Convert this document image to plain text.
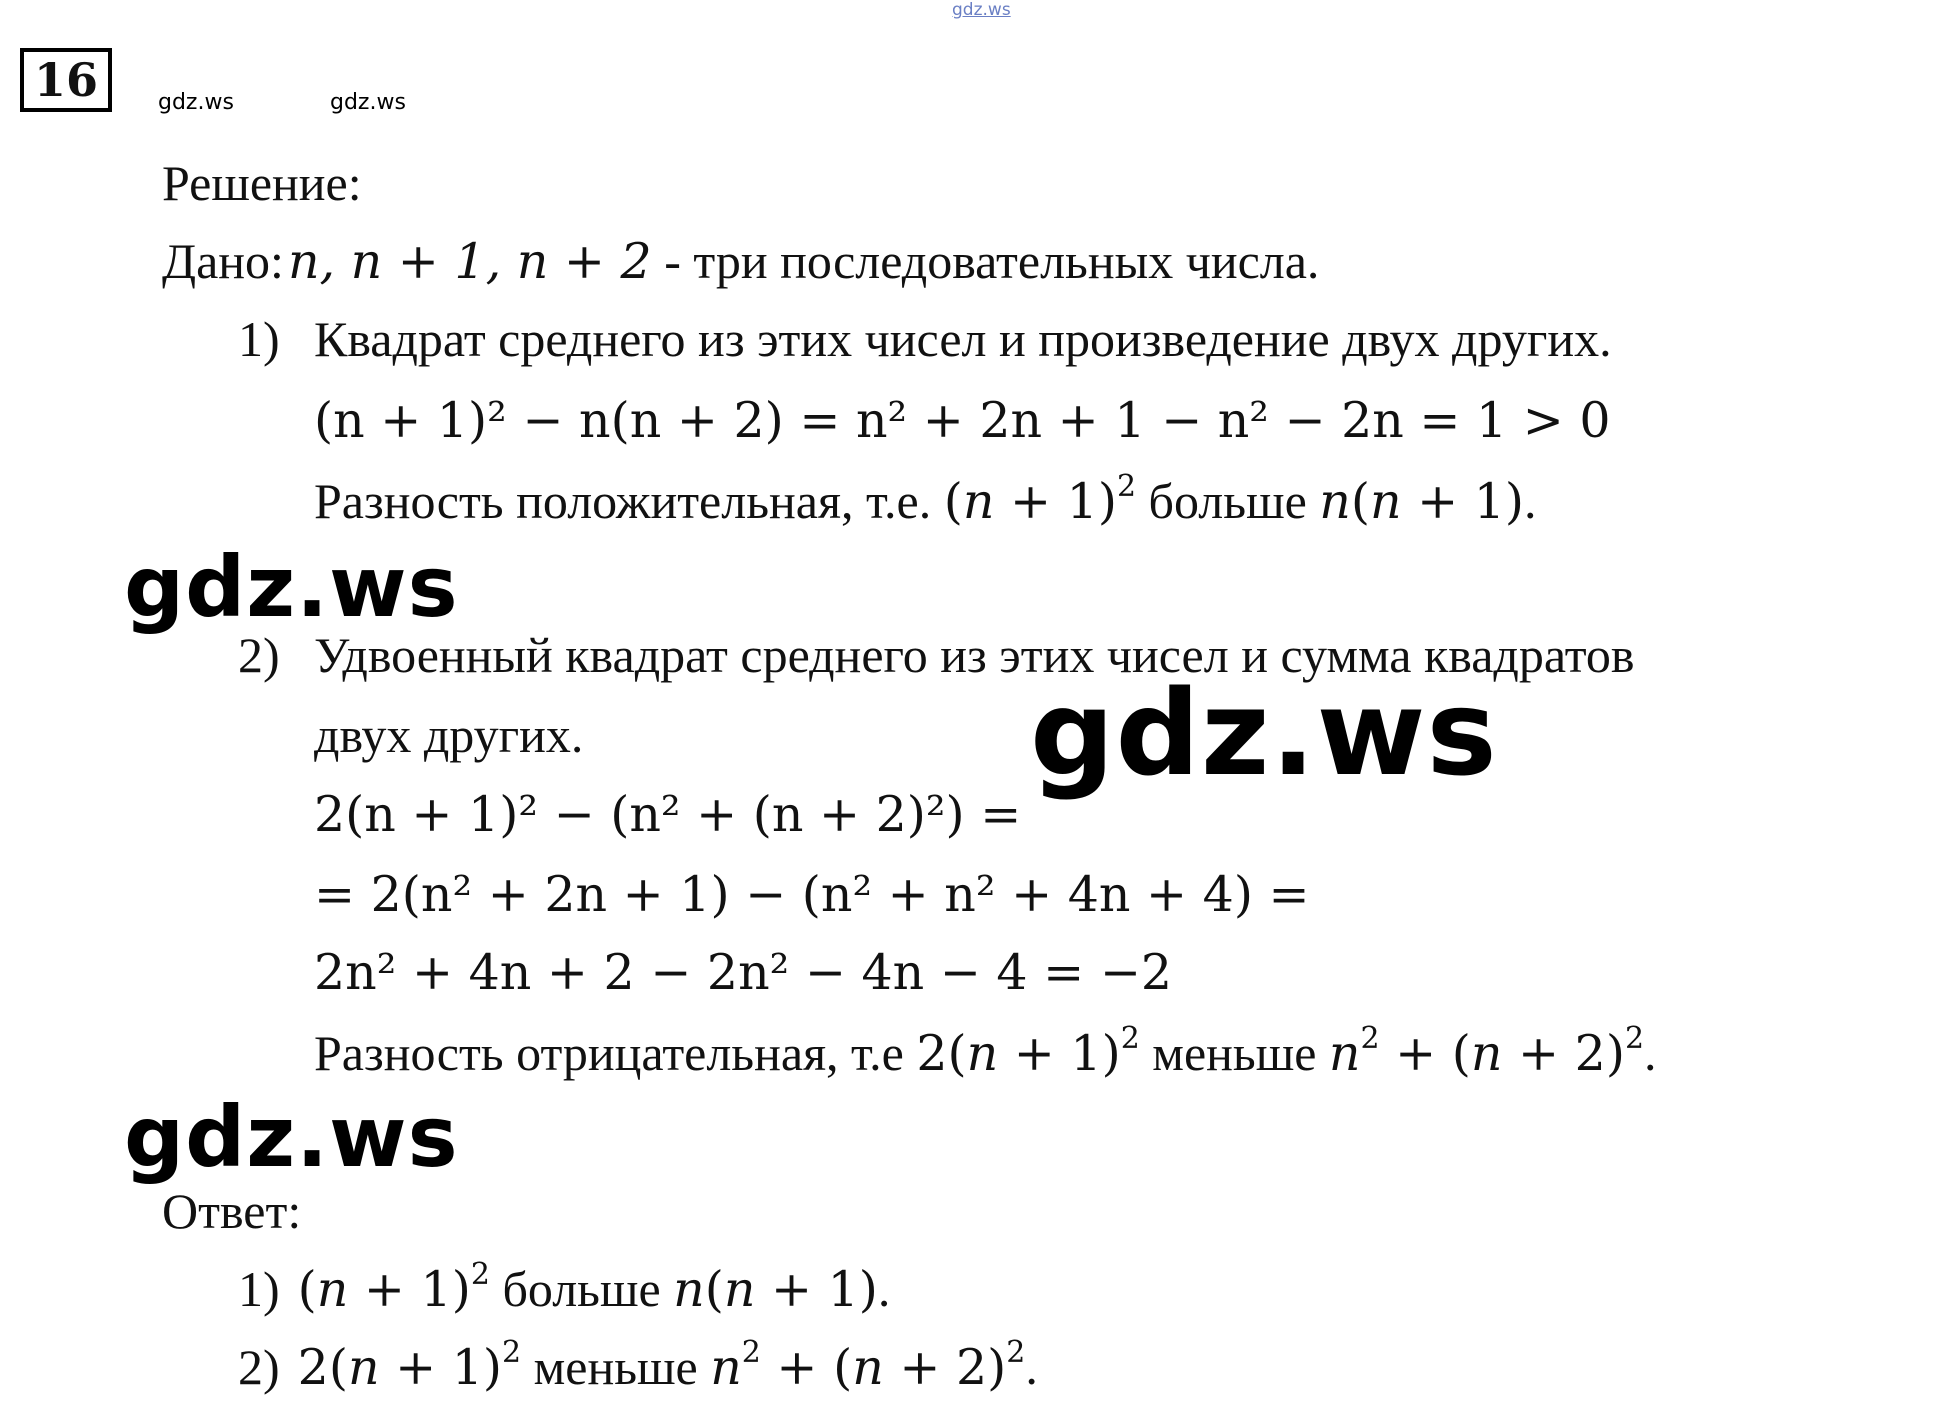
gdz.ws
gdz.ws	gdz.ws
gdz.ws
gdz.ws
16
Решение:
Дано: n, n + 1, n + 2 - три последовательных числа.
1) Квадрат среднего из этих чисел и произведение двух других.
(n + 1)² − n(n + 2) = n² + 2n + 1 − n² − 2n = 1 > 0
Разность положительная, т.е. $(n + 1)^2$ больше n(n + 1).
2) Удвоенный квадрат среднего из этих чисел и сумма квадратов
двух других.
2(n + 1)² − (n² + (n + 2)²) =
= 2(n² + 2n + 1) − (n² + n² + 4n + 4) =
2n² + 4n + 2 − 2n² − 4n − 4 = −2
Разность отрицательная, т.е $2(n + 1)^2$ меньше $n^2 + (n + 2)^2$.
gdz.ws
Ответ:
1) $(n + 1)^2$ больше n(n + 1).
2) $2(n + 1)^2$ меньше $n^2 + (n + 2)^2$.
